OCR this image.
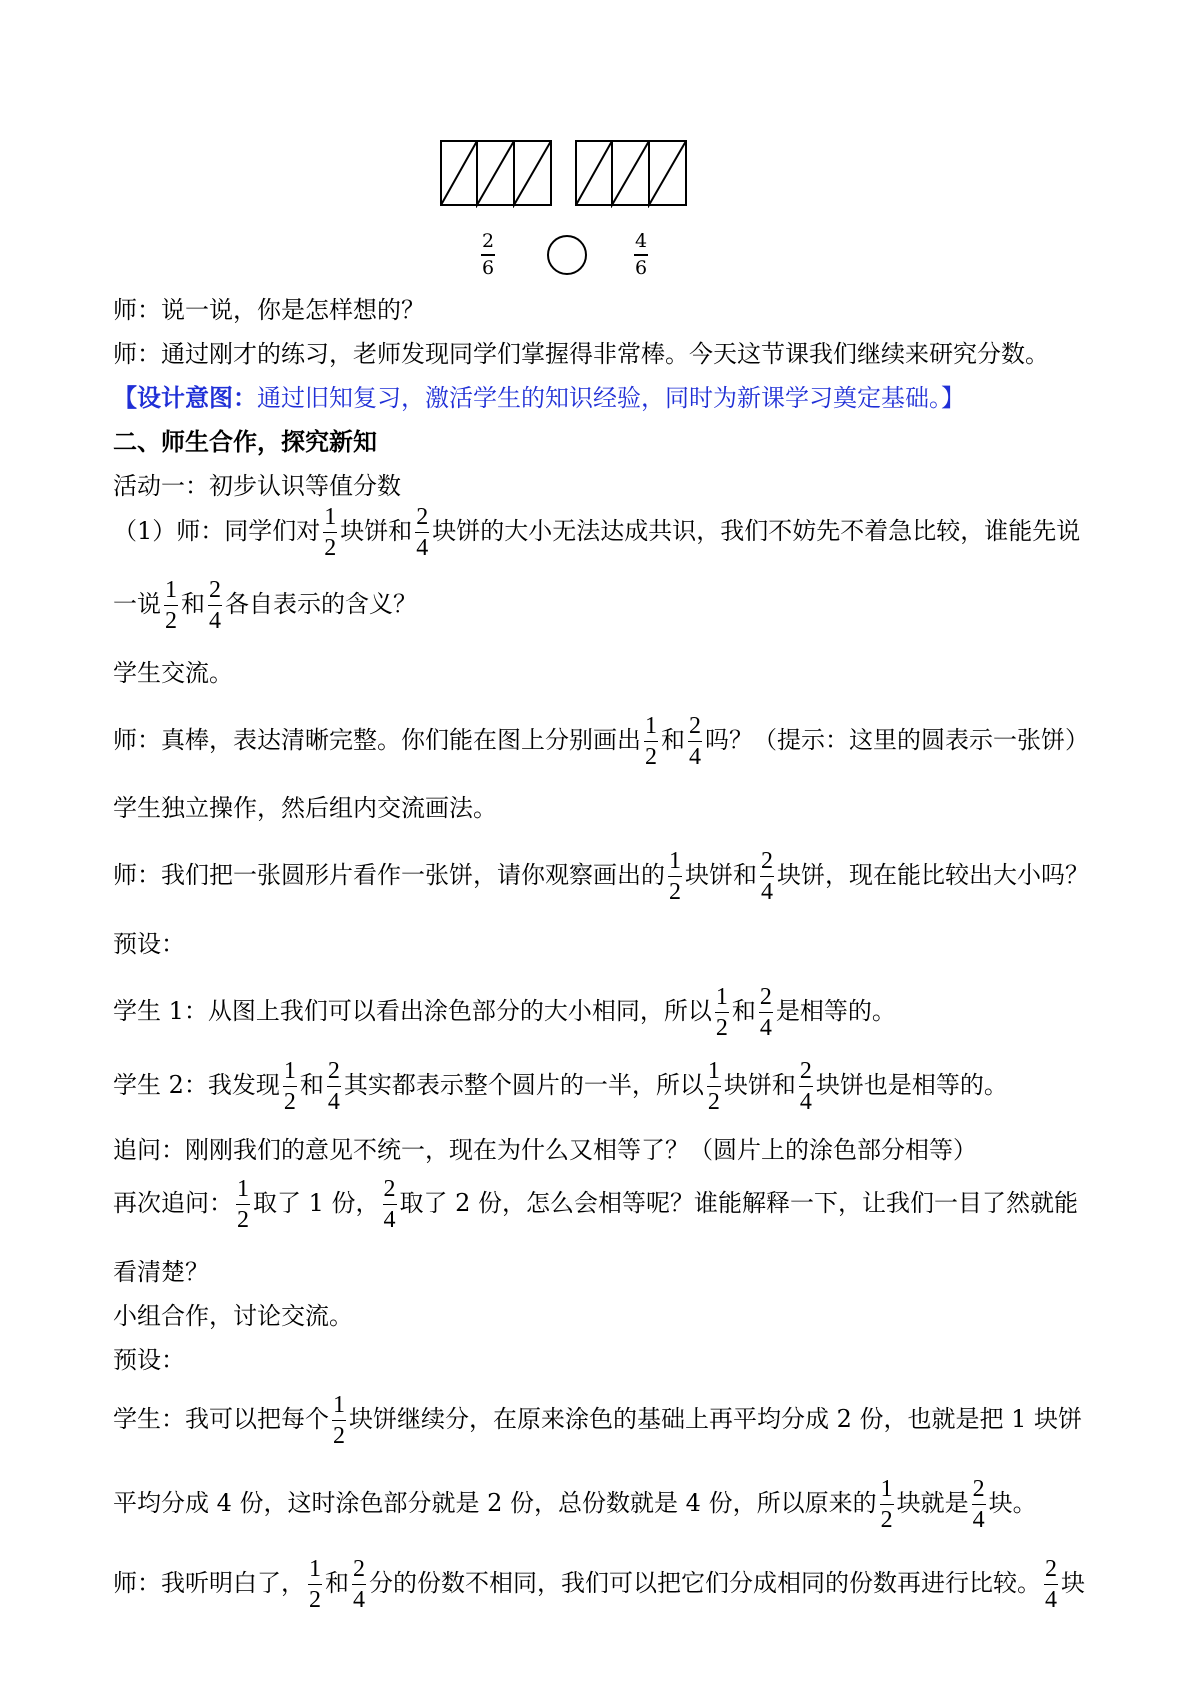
2
6
4
6
师：说一说，你是怎样想的？
师：通过刚才的练习，老师发现同学们掌握得非常棒。今天这节课我们继续来研究分数。
【设计意图：通过旧知复习，激活学生的知识经验，同时为新课学习奠定基础。】
二、师生合作，探究新知
活动一：初步认识等值分数
（1）师：同学们对 $\frac{1}{2}$ 块饼和 $\frac{2}{4}$ 块饼的大小无法达成共识，我们不妨先不着急比较，谁能先说
一说 $\frac{1}{2}$ 和 $\frac{2}{4}$ 各自表示的含义？
学生交流。
师：真棒，表达清晰完整。你们能在图上分别画出 $\frac{1}{2}$ 和 $\frac{2}{4}$ 吗？（提示：这里的圆表示一张饼）
学生独立操作，然后组内交流画法。
师：我们把一张圆形片看作一张饼，请你观察画出的 $\frac{1}{2}$ 块饼和 $\frac{2}{4}$ 块饼，现在能比较出大小吗？
预设：
学生 1：从图上我们可以看出涂色部分的大小相同，所以 $\frac{1}{2}$ 和 $\frac{2}{4}$ 是相等的。
学生 2：我发现 $\frac{1}{2}$ 和 $\frac{2}{4}$ 其实都表示整个圆片的一半，所以 $\frac{1}{2}$ 块饼和 $\frac{2}{4}$ 块饼也是相等的。
追问：刚刚我们的意见不统一，现在为什么又相等了？（圆片上的涂色部分相等）
再次追问： $\frac{1}{2}$ 取了 1 份， $\frac{2}{4}$ 取了 2 份，怎么会相等呢？谁能解释一下，让我们一目了然就能
看清楚？
小组合作，讨论交流。
预设：
学生：我可以把每个 $\frac{1}{2}$ 块饼继续分，在原来涂色的基础上再平均分成 2 份，也就是把 1 块饼
平均分成 4 份，这时涂色部分就是 2 份，总份数就是 4 份，所以原来的 $\frac{1}{2}$ 块就是 $\frac{2}{4}$ 块。
师：我听明白了， $\frac{1}{2}$ 和 $\frac{2}{4}$ 分的份数不相同，我们可以把它们分成相同的份数再进行比较。 $\frac{2}{4}$ 块
